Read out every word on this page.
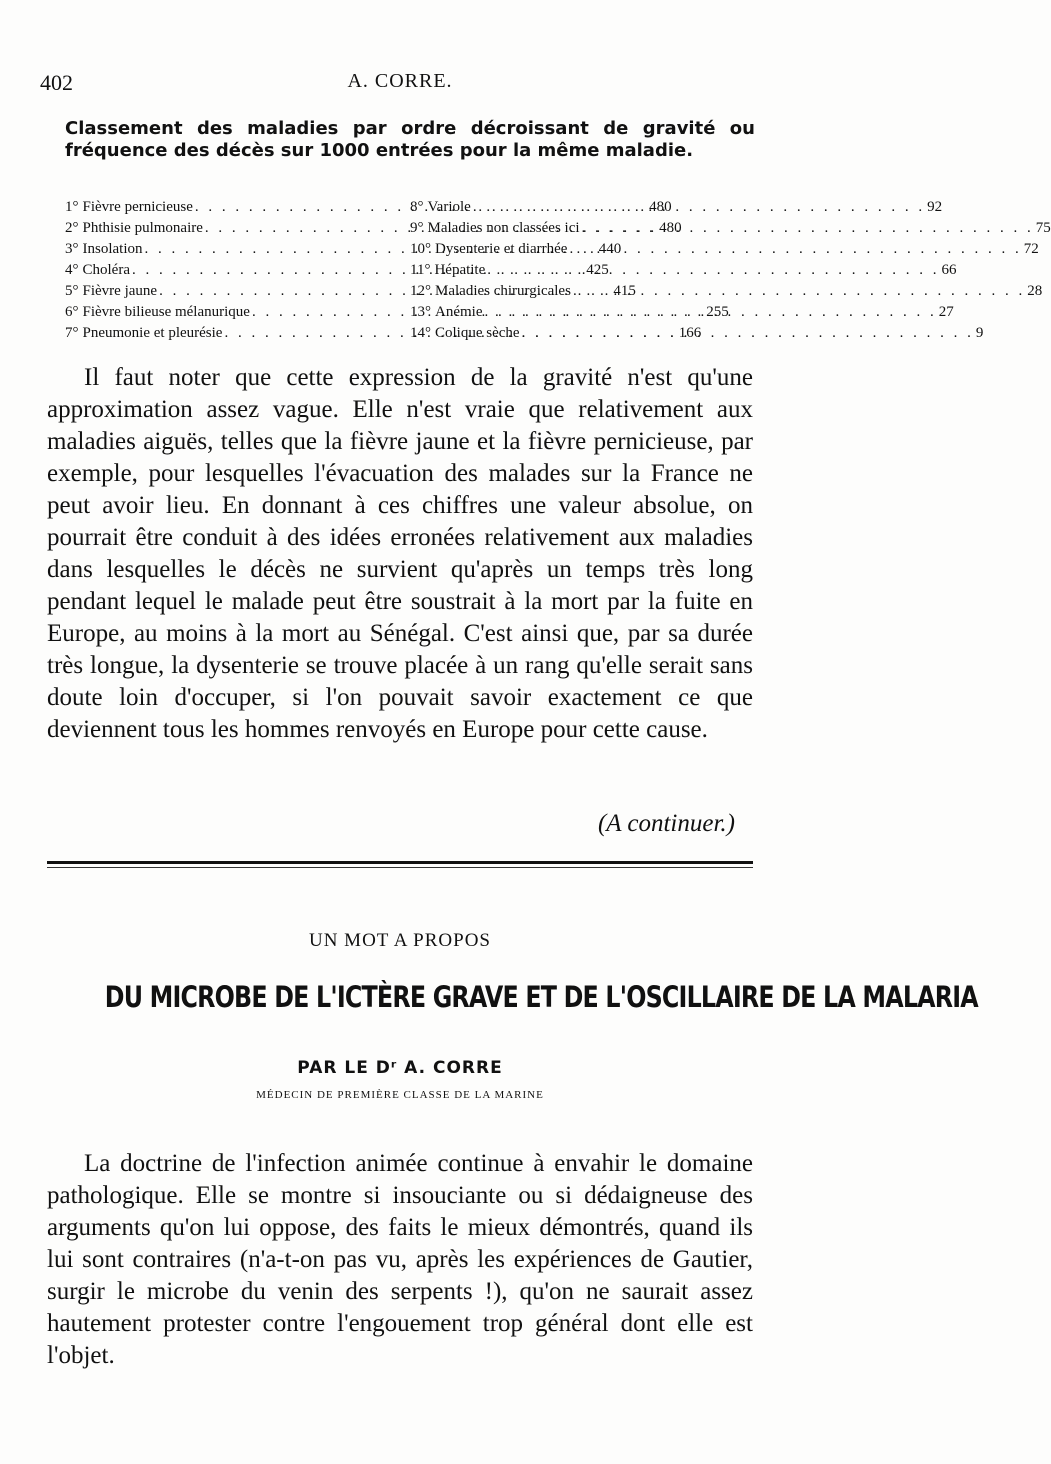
402	A. CORRE.
Classement des maladies par ordre décroissant de gravité ou fréquence des décès sur 1000 entrées pour la même maladie.
1° Fièvre pernicieuse . . .	480
2° Phthisie pulmonaire . . .	480
3° Insolation . . .	440
4° Choléra . . .	425
5° Fièvre jaune . . .	415
6° Fièvre bilieuse mélanurique . . .	255
7° Pneumonie et pleurésie . . .	166
8° Variole . . .	92
9° Maladies non classées ici . . .	75
10° Dysenterie et diarrhée . . .	72
11° Hépatite . . .	66
12° Maladies chirurgicales . . .	28
13° Anémie . . .	27
14° Colique sèche . . .	9

Il faut noter que cette expression de la gravité n'est qu'une approximation assez vague. Elle n'est vraie que relativement aux maladies aiguës, telles que la fièvre jaune et la fièvre pernicieuse, par exemple, pour lesquelles l'évacuation des malades sur la France ne peut avoir lieu. En donnant à ces chiffres une valeur absolue, on pourrait être conduit à des idées erronées relativement aux maladies dans lesquelles le décès ne survient qu'après un temps très long pendant lequel le malade peut être soustrait à la mort par la fuite en Europe, au moins à la mort au Sénégal. C'est ainsi que, par sa durée très longue, la dysenterie se trouve placée à un rang qu'elle serait sans doute loin d'occuper, si l'on pouvait savoir exactement ce que deviennent tous les hommes renvoyés en Europe pour cette cause.

(A continuer.)
UN MOT A PROPOS
DU MICROBE DE L'ICTÈRE GRAVE ET DE L'OSCILLAIRE DE LA MALARIA
PAR LE Dʳ A. CORRE
MÉDECIN DE PREMIÈRE CLASSE DE LA MARINE

La doctrine de l'infection animée continue à envahir le domaine pathologique. Elle se montre si insouciante ou si dédaigneuse des arguments qu'on lui oppose, des faits le mieux démontrés, quand ils lui sont contraires (n'a-t-on pas vu, après les expériences de Gautier, surgir le microbe du venin des serpents !), qu'on ne saurait assez hautement protester contre l'engouement trop général dont elle est l'objet.
